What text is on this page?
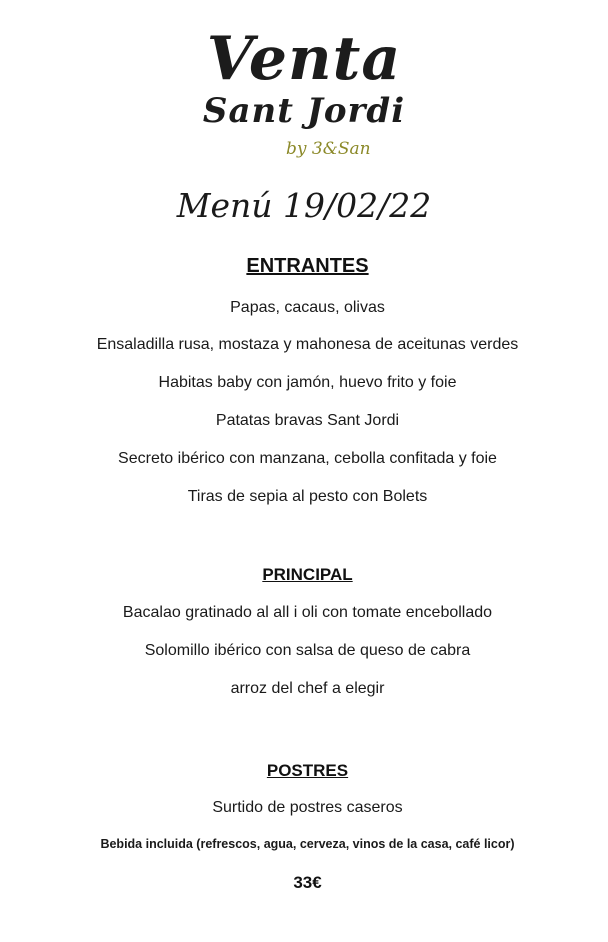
Venta
Sant Jordi
by 3&San
Menú 19/02/22
ENTRANTES
Papas, cacaus, olivas
Ensaladilla rusa, mostaza y mahonesa de aceitunas verdes
Habitas baby con jamón, huevo frito y foie
Patatas bravas Sant Jordi
Secreto ibérico con manzana, cebolla confitada y foie
Tiras de sepia al pesto con Bolets
PRINCIPAL
Bacalao gratinado al all i oli con tomate encebollado
Solomillo ibérico con salsa de queso de cabra
arroz del chef a elegir
POSTRES
Surtido de postres caseros
Bebida incluida (refrescos, agua, cerveza, vinos de la casa, café licor)
33€
